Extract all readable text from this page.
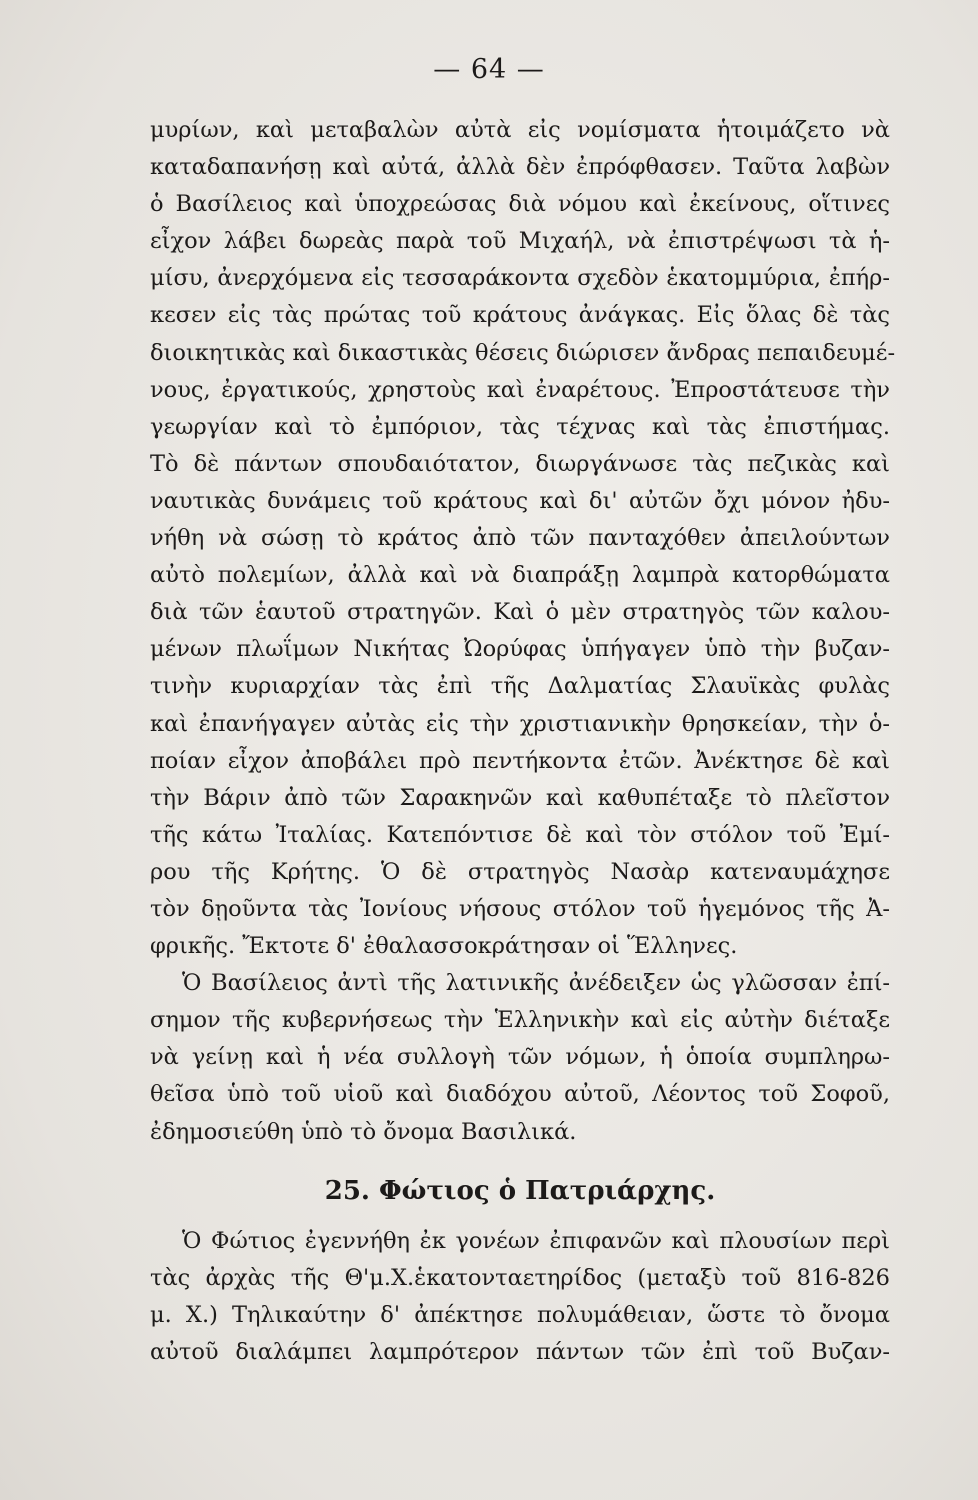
— 64 —
μυρίων, καὶ μεταβαλὼν αὐτὰ εἰς νομίσματα ἡτοιμάζετο νὰ
καταδαπανήσῃ καὶ αὐτά, ἀλλὰ δὲν ἐπρόφθασεν. Ταῦτα λαβὼν
ὁ Βασίλειος καὶ ὑποχρεώσας διὰ νόμου καὶ ἐκείνους, οἵτινες
εἶχον λάβει δωρεὰς παρὰ τοῦ Μιχαήλ, νὰ ἐπιστρέψωσι τὰ ἡ-
μίσυ, ἀνερχόμενα εἰς τεσσαράκοντα σχεδὸν ἑκατομμύρια, ἐπήρ-
κεσεν εἰς τὰς πρώτας τοῦ κράτους ἀνάγκας. Εἰς ὅλας δὲ τὰς
διοικητικὰς καὶ δικαστικὰς θέσεις διώρισεν ἄνδρας πεπαιδευμέ-
νους, ἐργατικούς, χρηστοὺς καὶ ἐναρέτους. Ἐπροστάτευσε τὴν
γεωργίαν καὶ τὸ ἐμπόριον, τὰς τέχνας καὶ τὰς ἐπιστήμας.
Τὸ δὲ πάντων σπουδαιότατον, διωργάνωσε τὰς πεζικὰς καὶ
ναυτικὰς δυνάμεις τοῦ κράτους καὶ δι' αὐτῶν ὄχι μόνον ἠδυ-
νήθη νὰ σώσῃ τὸ κράτος ἀπὸ τῶν πανταχόθεν ἀπειλούντων
αὐτὸ πολεμίων, ἀλλὰ καὶ νὰ διαπράξῃ λαμπρὰ κατορθώματα
διὰ τῶν ἑαυτοῦ στρατηγῶν. Καὶ ὁ μὲν στρατηγὸς τῶν καλου-
μένων πλωΐμων Νικήτας Ὠορύφας ὑπήγαγεν ὑπὸ τὴν βυζαν-
τινὴν κυριαρχίαν τὰς ἐπὶ τῆς Δαλματίας Σλαυϊκὰς φυλὰς
καὶ ἐπανήγαγεν αὐτὰς εἰς τὴν χριστιανικὴν θρησκείαν, τὴν ὁ-
ποίαν εἶχον ἀποβάλει πρὸ πεντήκοντα ἐτῶν. Ἀνέκτησε δὲ καὶ
τὴν Βάριν ἀπὸ τῶν Σαρακηνῶν καὶ καθυπέταξε τὸ πλεῖστον
τῆς κάτω Ἰταλίας. Κατεπόντισε δὲ καὶ τὸν στόλον τοῦ Ἐμί-
ρου τῆς Κρήτης. Ὁ δὲ στρατηγὸς Νασὰρ κατεναυμάχησε
τὸν δῃοῦντα τὰς Ἰονίους νήσους στόλον τοῦ ἡγεμόνος τῆς Ἀ-
φρικῆς. Ἔκτοτε δ' ἐθαλασσοκράτησαν οἱ Ἕλληνες.
Ὁ Βασίλειος ἀντὶ τῆς λατινικῆς ἀνέδειξεν ὡς γλῶσσαν ἐπί-
σημον τῆς κυβερνήσεως τὴν Ἑλληνικὴν καὶ εἰς αὐτὴν διέταξε
νὰ γείνῃ καὶ ἡ νέα συλλογὴ τῶν νόμων, ἡ ὁποία συμπληρω-
θεῖσα ὑπὸ τοῦ υἱοῦ καὶ διαδόχου αὐτοῦ, Λέοντος τοῦ Σοφοῦ,
ἐδημοσιεύθη ὑπὸ τὸ ὄνομα Βασιλικά.
25. Φώτιος ὁ Πατριάρχης.
Ὁ Φώτιος ἐγεννήθη ἐκ γονέων ἐπιφανῶν καὶ πλουσίων περὶ
τὰς ἀρχὰς τῆς Θ'μ.Χ.ἑκατονταετηρίδος (μεταξὺ τοῦ 816-826
μ. Χ.) Τηλικαύτην δ' ἀπέκτησε πολυμάθειαν, ὥστε τὸ ὄνομα
αὐτοῦ διαλάμπει λαμπρότερον πάντων τῶν ἐπὶ τοῦ Βυζαν-
